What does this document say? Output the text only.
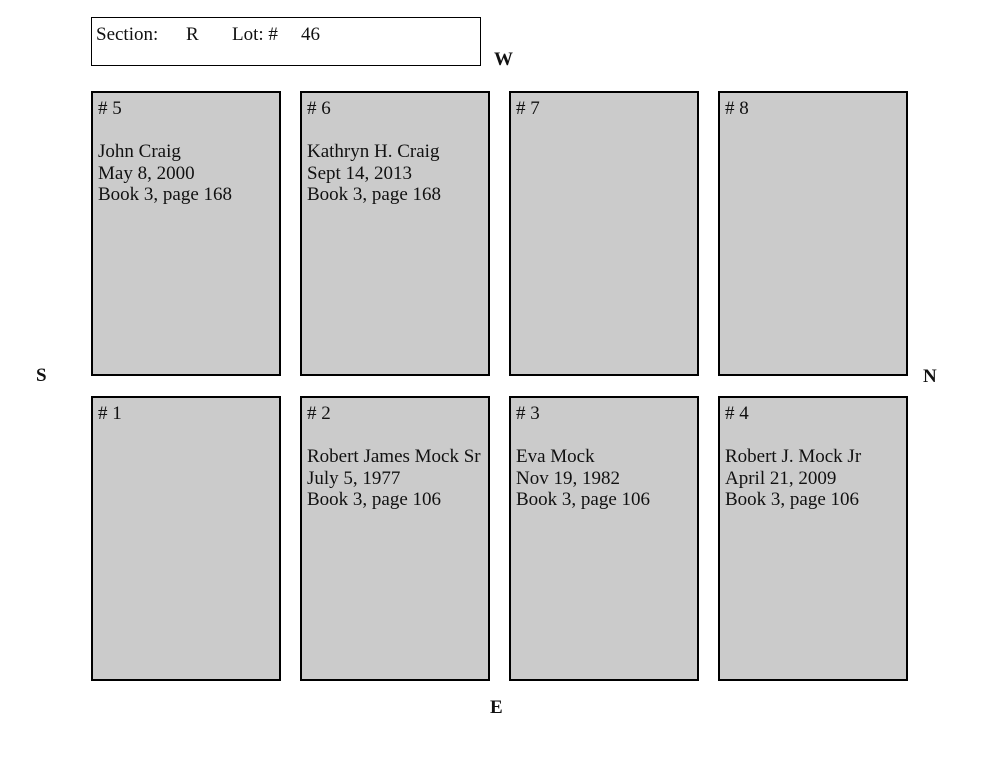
Section: R Lot: # 46
W
S	N
E
# 5
John Craig
May 8, 2000
Book 3, page 168
# 6
Kathryn H. Craig
Sept 14, 2013
Book 3, page 168
# 7	# 8
# 1	# 2
Robert James Mock Sr
July 5, 1977
Book 3, page 106
# 3
Eva Mock
Nov 19, 1982
Book 3, page 106
# 4
Robert J. Mock Jr
April 21, 2009
Book 3, page 106
